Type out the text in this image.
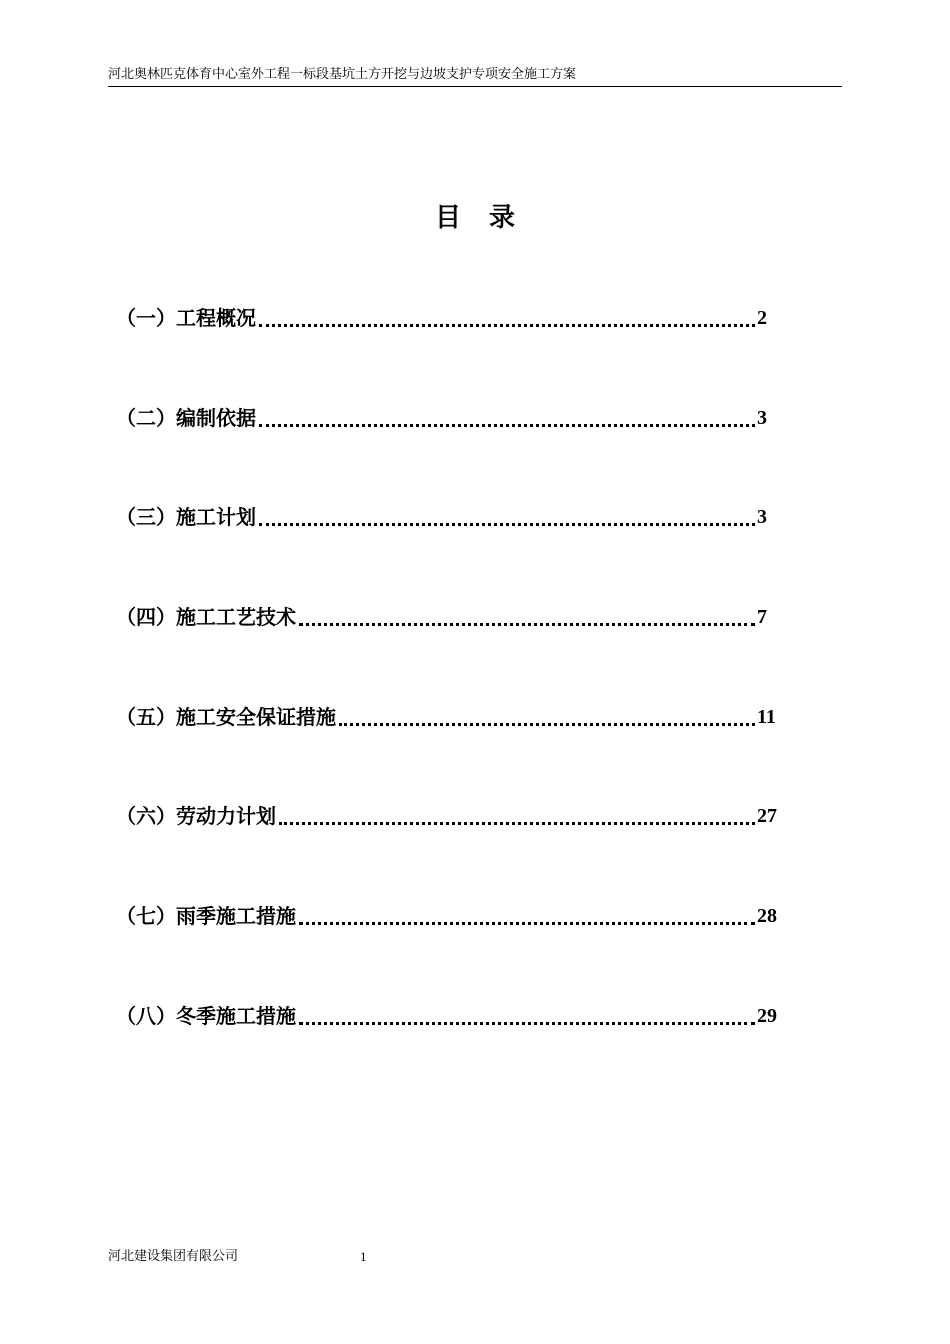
河北奥林匹克体育中心室外工程一标段基坑土方开挖与边坡支护专项安全施工方案
目录
（一）工程概况	2
（二）编制依据	3
（三）施工计划	3
（四）施工工艺技术	7
（五）施工安全保证措施	11
（六）劳动力计划	27
（七）雨季施工措施	28
（八）冬季施工措施	29
河北建设集团有限公司	1
